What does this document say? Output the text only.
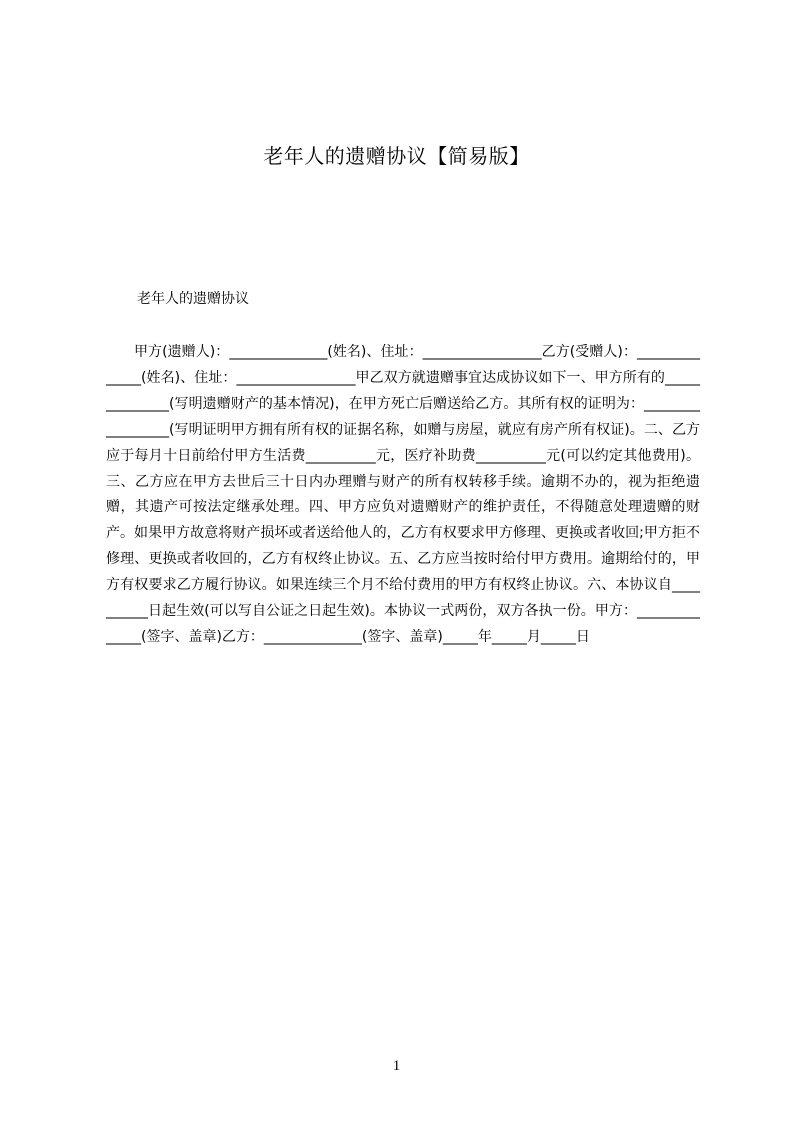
老年人的遗赠协议【简易版】
老年人的遗赠协议

甲方(遗赠人)：______________(姓名)、住址：_________________乙方(受赠人)：______________(姓名)、住址：_________________甲乙双方就遗赠事宜达成协议如下一、甲方所有的______________(写明遗赠财产的基本情况)，在甲方死亡后赠送给乙方。其所有权的证明为：_________________(写明证明甲方拥有所有权的证据名称，如赠与房屋，就应有房产所有权证)。二、乙方应于每月十日前给付甲方生活费__________元，医疗补助费__________元(可以约定其他费用)。三、乙方应在甲方去世后三十日内办理赠与财产的所有权转移手续。逾期不办的，视为拒绝遗赠，其遗产可按法定继承处理。四、甲方应负对遗赠财产的维护责任，不得随意处理遗赠的财产。如果甲方故意将财产损坏或者送给他人的，乙方有权要求甲方修理、更换或者收回;甲方拒不修理、更换或者收回的，乙方有权终止协议。五、乙方应当按时给付甲方费用。逾期给付的，甲方有权要求乙方履行协议。如果连续三个月不给付费用的甲方有权终止协议。六、本协议自__________日起生效(可以写自公证之日起生效)。本协议一式两份，双方各执一份。甲方：______________(签字、盖章)乙方：______________(签字、盖章)_____年_____月_____日

1
